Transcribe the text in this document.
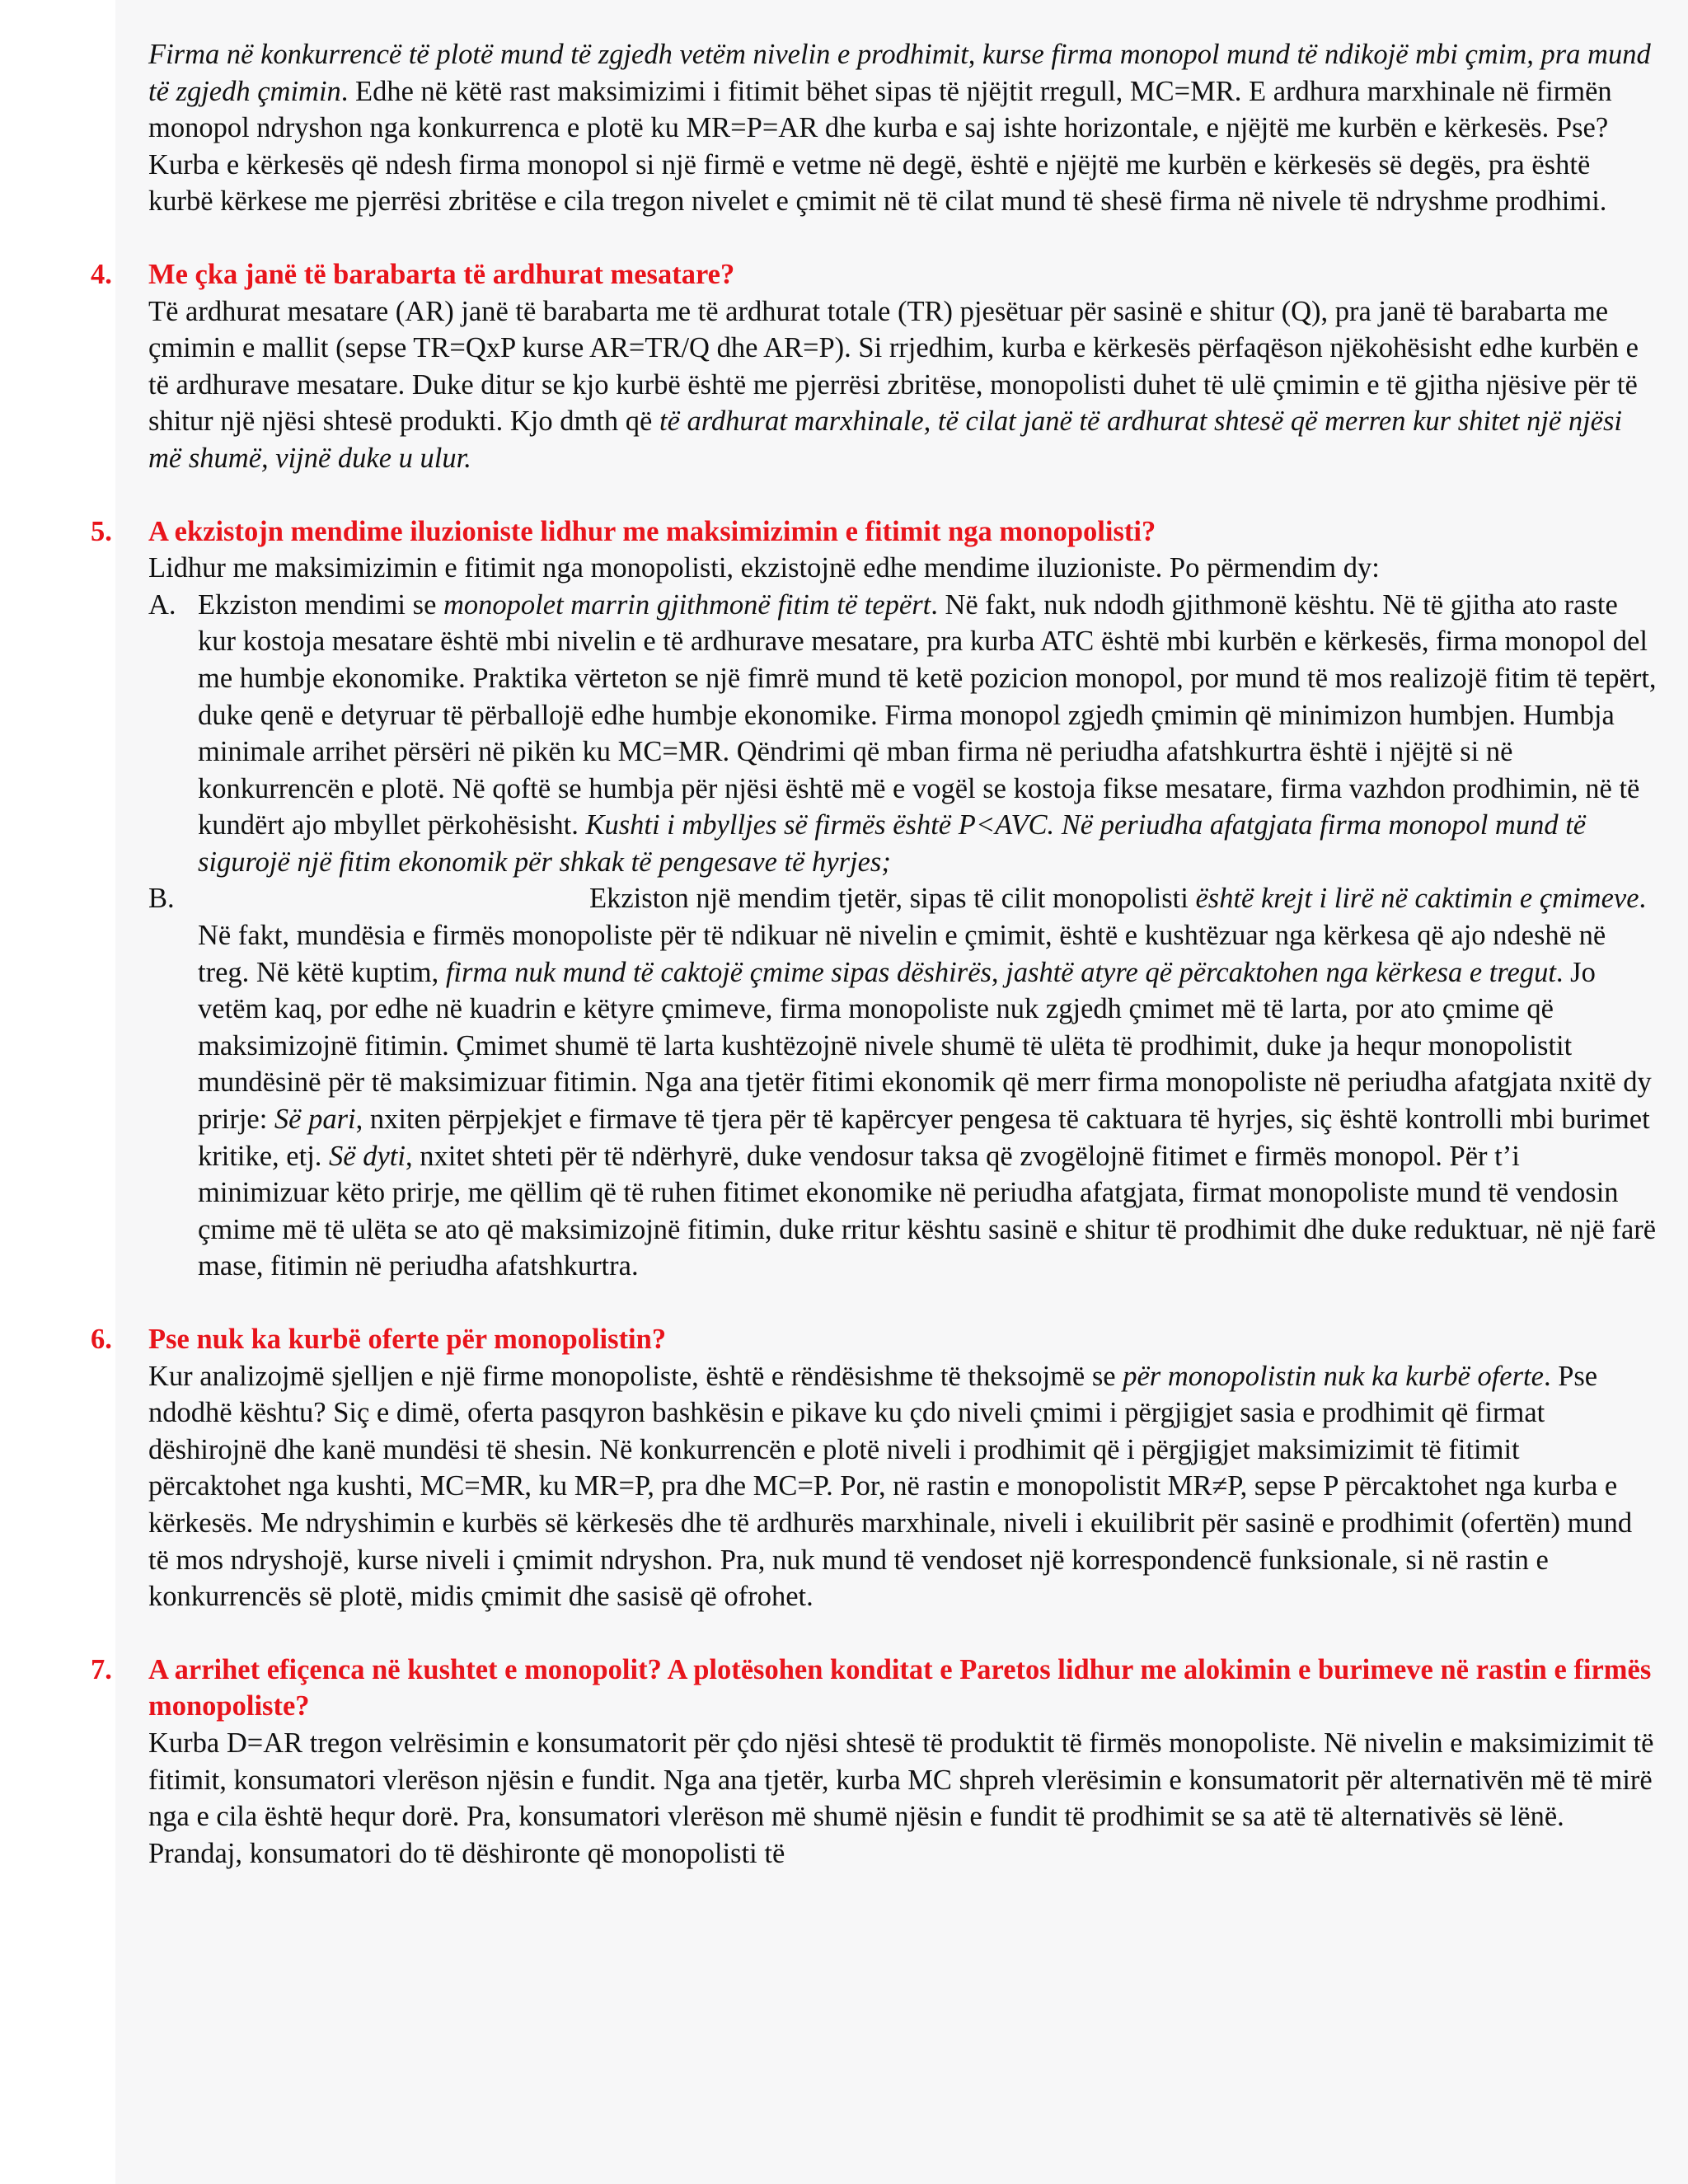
Firma në konkurrencë të plotë mund të zgjedh vetëm nivelin e prodhimit, kurse firma monopol mund të ndikojë mbi çmim, pra mund të zgjedh çmimin. Edhe në këtë rast maksimizimi i fitimit bëhet sipas të njëjtit rregull, MC=MR. E ardhura marxhinale në firmën monopol ndryshon nga konkurrenca e plotë ku MR=P=AR dhe kurba e saj ishte horizontale, e njëjtë me kurbën e kërkesës. Pse? Kurba e kërkesës që ndesh firma monopol si një firmë e vetme në degë, është e njëjtë me kurbën e kërkesës së degës, pra është kurbë kërkese me pjerrësi zbritëse e cila tregon nivelet e çmimit në të cilat mund të shesë firma në nivele të ndryshme prodhimi.

4. Me çka janë të barabarta të ardhurat mesatare?

Të ardhurat mesatare (AR) janë të barabarta me të ardhurat totale (TR) pjesëtuar për sasinë e shitur (Q), pra janë të barabarta me çmimin e mallit (sepse TR=QxP kurse AR=TR/Q dhe AR=P). Si rrjedhim, kurba e kërkesës përfaqëson njëkohësisht edhe kurbën e të ardhurave mesatare. Duke ditur se kjo kurbë është me pjerrësi zbritëse, monopolisti duhet të ulë çmimin e të gjitha njësive për të shitur një njësi shtesë produkti. Kjo dmth që të ardhurat marxhinale, të cilat janë të ardhurat shtesë që merren kur shitet një njësi më shumë, vijnë duke u ulur.

5. A ekzistojn mendime iluzioniste lidhur me maksimizimin e fitimit nga monopolisti?

Lidhur me maksimizimin e fitimit nga monopolisti, ekzistojnë edhe mendime iluzioniste. Po përmendim dy:

A. Ekziston mendimi se monopolet marrin gjithmonë fitim të tepërt. Në fakt, nuk ndodh gjithmonë kështu. Në të gjitha ato raste kur kostoja mesatare është mbi nivelin e të ardhurave mesatare, pra kurba ATC është mbi kurbën e kërkesës, firma monopol del me humbje ekonomike. Praktika vërteton se një fimrë mund të ketë pozicion monopol, por mund të mos realizojë fitim të tepërt, duke qenë e detyruar të përballojë edhe humbje ekonomike. Firma monopol zgjedh çmimin që minimizon humbjen. Humbja minimale arrihet përsëri në pikën ku MC=MR. Qëndrimi që mban firma në periudha afatshkurtra është i njëjtë si në konkurrencën e plotë. Në qoftë se humbja për njësi është më e vogël se kostoja fikse mesatare, firma vazhdon prodhimin, në të kundërt ajo mbyllet përkohësisht. Kushti i mbylljes së firmës është P<AVC. Në periudha afatgjata firma monopol mund të sigurojë një fitim ekonomik për shkak të pengesave të hyrjes;

B.	Ekziston një mendim tjetër, sipas të cilit monopolisti është krejt i lirë në caktimin e çmimeve. Në fakt, mundësia e firmës monopoliste për të ndikuar në nivelin e çmimit, është e kushtëzuar nga kërkesa që ajo ndeshë në treg. Në këtë kuptim, firma nuk mund të caktojë çmime sipas dëshirës, jashtë atyre që përcaktohen nga kërkesa e tregut. Jo vetëm kaq, por edhe në kuadrin e këtyre çmimeve, firma monopoliste nuk zgjedh çmimet më të larta, por ato çmime që maksimizojnë fitimin. Çmimet shumë të larta kushtëzojnë nivele shumë të ulëta të prodhimit, duke ja hequr monopolistit mundësinë për të maksimizuar fitimin. Nga ana tjetër fitimi ekonomik që merr firma monopoliste në periudha afatgjata nxitë dy prirje: Së pari, nxiten përpjekjet e firmave të tjera për të kapërcyer pengesa të caktuara të hyrjes, siç është kontrolli mbi burimet kritike, etj. Së dyti, nxitet shteti për të ndërhyrë, duke vendosur taksa që zvogëlojnë fitimet e firmës monopol. Për t’i minimizuar këto prirje, me qëllim që të ruhen fitimet ekonomike në periudha afatgjata, firmat monopoliste mund të vendosin çmime më të ulëta se ato që maksimizojnë fitimin, duke rritur kështu sasinë e shitur të prodhimit dhe duke reduktuar, në një farë mase, fitimin në periudha afatshkurtra.

6. Pse nuk ka kurbë oferte për monopolistin?

Kur analizojmë sjelljen e një firme monopoliste, është e rëndësishme të theksojmë se për monopolistin nuk ka kurbë oferte. Pse ndodhë kështu? Siç e dimë, oferta pasqyron bashkësin e pikave ku çdo niveli çmimi i përgjigjet sasia e prodhimit që firmat dëshirojnë dhe kanë mundësi të shesin. Në konkurrencën e plotë niveli i prodhimit që i përgjigjet maksimizimit të fitimit përcaktohet nga kushti, MC=MR, ku MR=P, pra dhe MC=P. Por, në rastin e monopolistit MR≠P, sepse P përcaktohet nga kurba e kërkesës. Me ndryshimin e kurbës së kërkesës dhe të ardhurës marxhinale, niveli i ekuilibrit për sasinë e prodhimit (ofertën) mund të mos ndryshojë, kurse niveli i çmimit ndryshon. Pra, nuk mund të vendoset një korrespondencë funksionale, si në rastin e konkurrencës së plotë, midis çmimit dhe sasisë që ofrohet.

7. A arrihet efiçenca në kushtet e monopolit? A plotësohen konditat e Paretos lidhur me alokimin e burimeve në rastin e firmës monopoliste?

Kurba D=AR tregon velrësimin e konsumatorit për çdo njësi shtesë të produktit të firmës monopoliste. Në nivelin e maksimizimit të fitimit, konsumatori vlerëson njësin e fundit. Nga ana tjetër, kurba MC shpreh vlerësimin e konsumatorit për alternativën më të mirë nga e cila është hequr dorë. Pra, konsumatori vlerëson më shumë njësin e fundit të prodhimit se sa atë të alternativës së lënë. Prandaj, konsumatori do të dëshironte që monopolisti të
